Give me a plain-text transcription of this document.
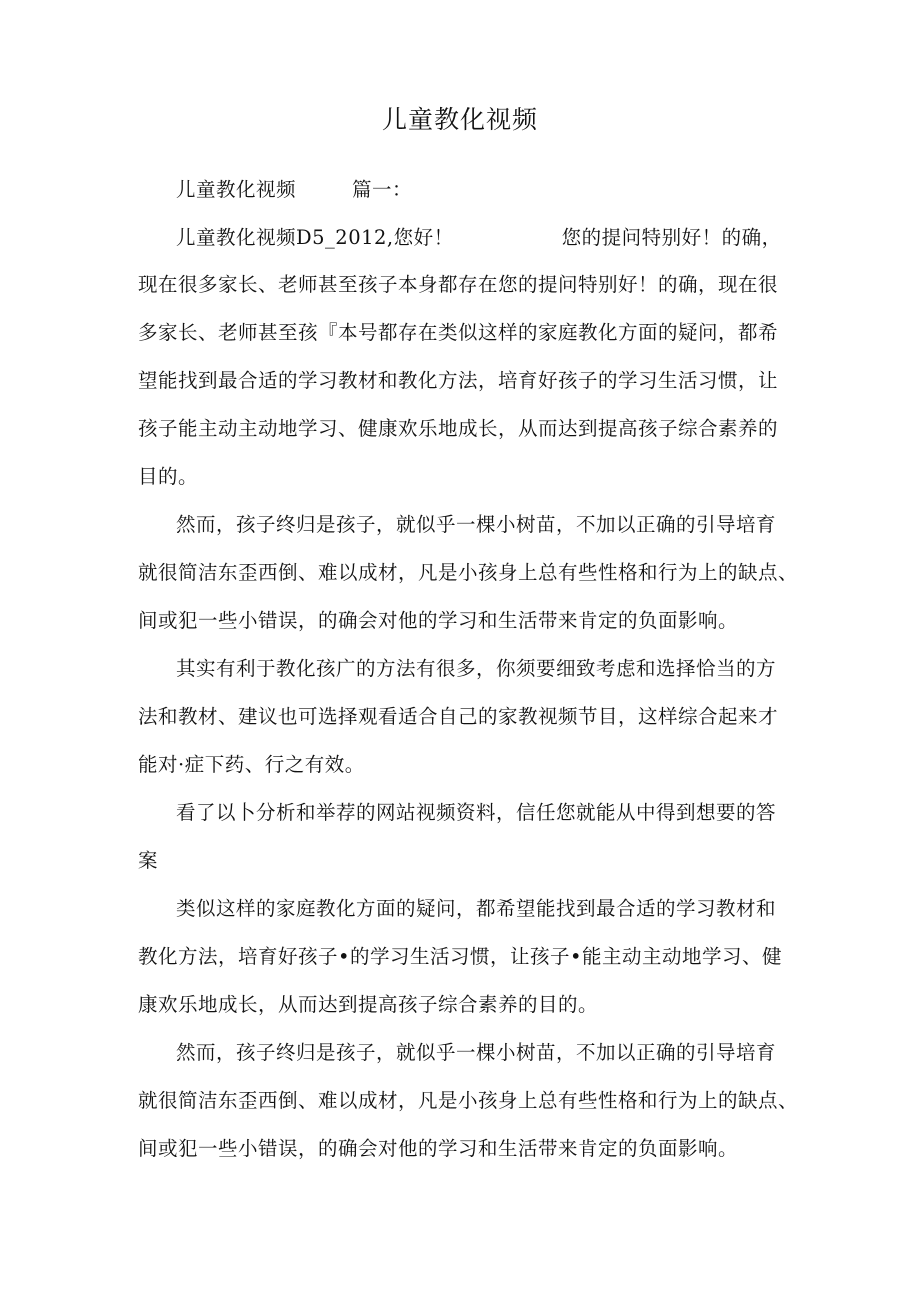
儿童教化视频
儿童教化视频	篇一：
儿童教化视频D5_2012,您好！	您的提问特别好！的确，
现在很多家长、老师甚至孩子本身都存在您的提问特别好！的确，现在很
多家长、老师甚至孩『本号都存在类似这样的家庭教化方面的疑问，都希
望能找到最合适的学习教材和教化方法，培育好孩子的学习生活习惯，让
孩子能主动主动地学习、健康欢乐地成长，从而达到提高孩子综合素养的
目的。
然而，孩子终归是孩子，就似乎一棵小树苗，不加以正确的引导培育
就很简洁东歪西倒、难以成材，凡是小孩身上总有些性格和行为上的缺点、
间或犯一些小错误，的确会对他的学习和生活带来肯定的负面影响。
其实有利于教化孩广的方法有很多，你须要细致考虑和选择恰当的方
法和教材、建议也可选择观看适合自己的家教视频节目，这样综合起来才
能对·症下药、行之有效。
看了以卜分析和举荐的网站视频资料，信任您就能从中得到想要的答
案
类似这样的家庭教化方面的疑问，都希望能找到最合适的学习教材和
教化方法，培育好孩子•的学习生活习惯，让孩子•能主动主动地学习、健
康欢乐地成长，从而达到提高孩子综合素养的目的。
然而，孩子终归是孩子，就似乎一棵小树苗，不加以正确的引导培育
就很简洁东歪西倒、难以成材，凡是小孩身上总有些性格和行为上的缺点、
间或犯一些小错误，的确会对他的学习和生活带来肯定的负面影响。
